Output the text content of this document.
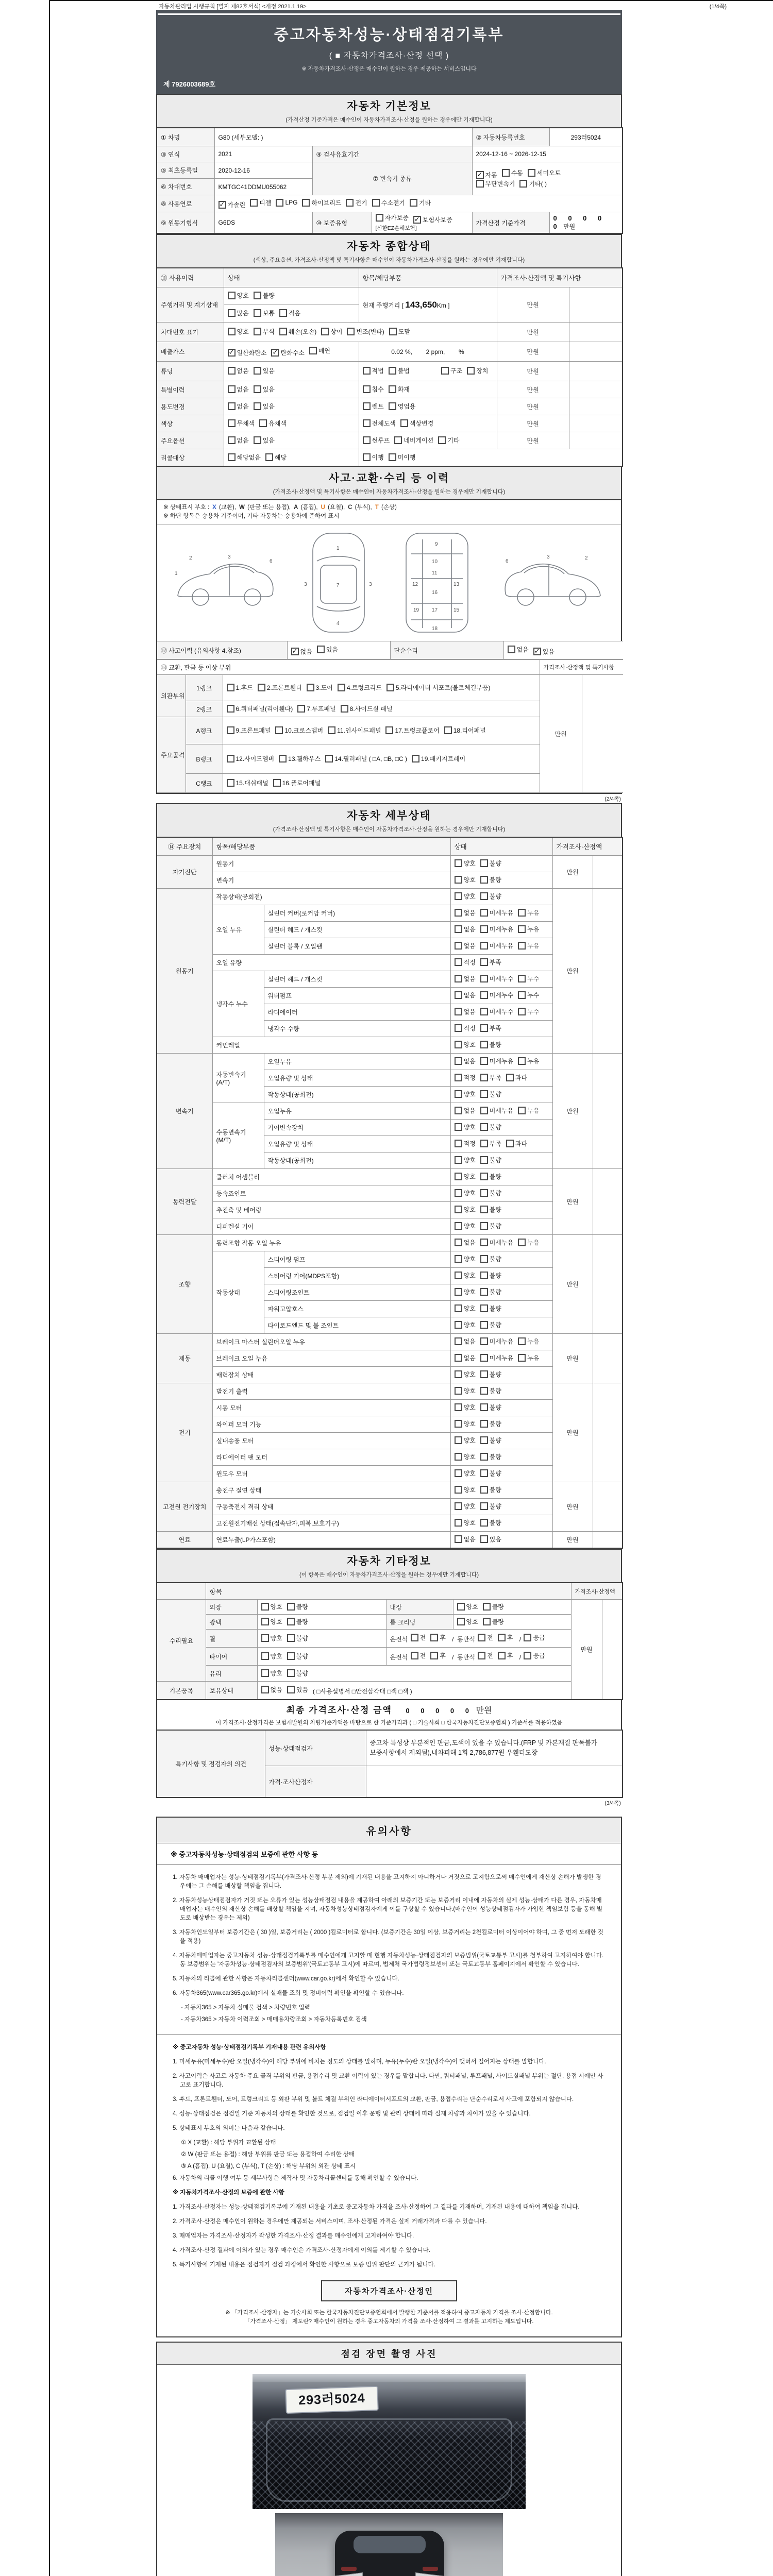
자동차관리법 시행규칙 [별지 제82호서식] <개정 2021.1.19>	(1/4쪽)
중고자동차성능·상태점검기록부
( ■ 자동차가격조사·산정 선택 )
※ 자동차가격조사·산정은 매수인이 원하는 경우 제공하는 서비스입니다
제 7926003689호
자동차 기본정보
(가격산정 기준가격은 매수인이 자동차가격조사·산정을 원하는 경우에만 기재합니다)
① 차명	G80 (세부모델: )			② 자동차등록번호	293러5024
③ 연식	2021	④ 검사유효기간		2024-12-16 ~ 2026-12-15	
⑤ 최초등록일	2020-12-16	⑦ 변속기 종류	
✓ 자동 수동 세미오토
무단변속기 기타( )

⑥ 차대번호	KMTGC41DDMU055062				
⑧ 사용연료	✓ 가솔린 디젤 LPG 하이브리드 전기 수소전기 기타

⑨ 원동기형식	G6DS	⑩ 보증유형	자가보증 ✓ 보험사보증
[신한EZ손해보험]	가격산정 기준가격	0 0 0 0 0 만원
자동차 종합상태
(색상, 주요옵션, 가격조사·산정액 및 특기사항은 매수인이 자동차가격조사·산정을 원하는 경우에만 기재합니다)
⑪ 사용이력	상태	항목/해당부품	가격조사·산정액 및 특기사항	
주행거리 및 계기상태	양호 불량	현재 주행거리 [ 143,650Km ]	만원	

	많음 보통 적음			

차대번호 표기	양호 부식 훼손(오손) 상이 변조(변타) 도말	만원	
배출가스	✓ 일산화탄소 ✓ 탄화수소 매연	0.02 %,        2 ppm,        %	만원	
튜닝	없음 있음	적법 불법 구조 장치	만원	
특별이력	없음 있음	침수 화재	만원	
용도변경	없음 있음	렌트 영업용	만원	
색상	무채색 유채색	전체도색 색상변경	만원	
주요옵션	없음 있음	썬루프 네비게이션 기타	만원	
리콜대상	해당없음 해당	이행 미이행		
사고·교환·수리 등 이력
(가격조사·산정액 및 특기사항은 매수인이 자동차가격조사·산정을 원하는 경우에만 기재합니다)
※ 상태표시 부호 : X (교환), W (판금 또는 용접), A (흠집), U (요철), C (부식), T (손상)
※ 하단 항목은 승용차 기준이며, 기타 자동차는 승용차에 준하여 표시
2	3
6
1
1
7
4
3	3
9
10
12	13
11
16
17
18
19	15
2
3
6
⑫ 사고이력 (유의사항 4.참조)	✓ 없음 있음	단순수리	없음 ✓ 있음
⑬ 교환, 판금 등 이상 부위			가격조사·산정액 및 특기사항	
외판부위	1랭크	1.후드 2.프론트휀더 3.도어 4.트렁크리드 5.라디에이터 서포트(볼트체결부품)	만원	
	2랭크	6.쿼터패널(리어휀다) 7.루프패널 8.사이드실 패널		

주요골격	A랭크	9.프론트패널 10.크로스멤버 11.인사이드패널 17.트렁크플로어 18.리어패널		

	B랭크	12.사이드멤버 13.휠하우스 14.필러패널 ( □A, □B, □C ) 19.패키지트레이		

	C랭크	15.대쉬패널 16.플로어패널		
(2/4쪽)
자동차 세부상태
(가격조사·산정액 및 특기사항은 매수인이 자동차가격조사·산정을 원하는 경우에만 기재합니다)
⑭ 주요장치	항목/해당부품		상태	가격조사·산정액	
자기진단	원동기		양호 불량	만원	
	변속기		양호 불량		

원동기	작동상태(공회전)		양호 불량	만원	
	오일 누유	실린더 커버(로커암 커버)	없음 미세누유 누유		

		실린더 헤드 / 개스킷	없음 미세누유 누유		

		실린더 블록 / 오일팬	없음 미세누유 누유		

	오일 유량		적정 부족		

	냉각수 누수	실린더 헤드 / 개스킷	없음 미세누수 누수		

		워터펌프	없음 미세누수 누수		

		라디에이터	없음 미세누수 누수		

		냉각수 수량	적정 부족		

	커먼레일		양호 불량		

변속기	자동변속기 (A/T)	오일누유	없음 미세누유 누유	만원	
		오일유량 및 상태	적정 부족 과다		

		작동상태(공회전)	양호 불량		

	수동변속기 (M/T)	오일누유	없음 미세누유 누유		

		기어변속장치	양호 불량		

		오일유량 및 상태	적정 부족 과다		

		작동상태(공회전)	양호 불량		

동력전달	클러치 어셈블리		양호 불량	만원	
	등속죠인트		양호 불량		

	추진축 및 베어링		양호 불량		

	디퍼렌셜 기어		양호 불량		

조향	동력조향 작동 오일 누유		없음 미세누유 누유	만원	
	작동상태	스티어링 펌프	양호 불량		

		스티어링 기어(MDPS포함)	양호 불량		

		스티어링조인트	양호 불량		

		파워고압호스	양호 불량		

		타이로드엔드 및 볼 조인트	양호 불량		

제동	브레이크 마스터 실린더오일 누유		없음 미세누유 누유	만원	
	브레이크 오일 누유		없음 미세누유 누유		

	배력장치 상태		양호 불량		

전기	발전기 출력		양호 불량	만원	
	시동 모터		양호 불량		

	와이퍼 모터 기능		양호 불량		

	실내송풍 모터		양호 불량		

	라디에이터 팬 모터		양호 불량		

	윈도우 모터		양호 불량		

고전원 전기장치	충전구 절연 상태		양호 불량	만원	
	구동축전지 격리 상태		양호 불량		

	고전원전기배선 상태(접속단자,피복,보호기구)		양호 불량		

연료	연료누출(LP가스포함)		없음 있음	만원	
자동차 기타정보
(이 항목은 매수인이 자동차가격조사·산정을 원하는 경우에만 기재합니다)
	항목				가격조사·산정액	
수리필요	외장	양호 불량	내장	양호 불량	만원	
	광택	양호 불량	룸 크리닝	양호 불량		

휠	양호 불량	운전석 전 후 /  동반석 전 후 / 응급

타이어	양호 불량	운전석 전 후 /  동반석 전 후 / 응급

	유리	양호 불량				

기본품목	보유상태	없음 있음 ( □사용설명서 □안전삼각대 □잭 □잭 )				
최종 가격조사·산정 금액 0 0 0 0 0 만원
이 가격조사·산정가격은 보험개발원의 차량기준가액을 바탕으로 한 기준가격과 ( □ 기술사회 □ 한국자동차진단보증협회 ) 기준서를 적용하였음
특기사항 및 점검자의 의견	성능·상태점검자	중고차 특성상 부분적인 판금,도색이 있을 수 있습니다.(FRP 및 카본재질 판독불가 보증사항에서 제외됨),내차피해 1회 2,786,877원 우휀더도장
	가격·조사산정자	
(3/4쪽)
유의사항
※ 중고자동차성능·상태점검의 보증에 관한 사항 등
1. 자동차 매매업자는 성능·상태점검기록부(가격조사·산정 부분 제외)에 기재된 내용을 고지하지 아니하거나 거짓으로 고지함으로써 매수인에게 재산상 손해가 발생한 경우에는 그 손해를 배상할 책임을 집니다.
2. 자동차성능상태점검자가 거짓 또는 오류가 있는 성능상태점검 내용을 제공하여 아래의 보증기간 또는 보증거리 이내에 자동차의 실제 성능·상태가 다른 경우, 자동차매매업자는 매수인의 재산상 손해를 배상할 책임을 지며, 자동차성능상태점검자에게 이를 구상할 수 있습니다.(매수인이 성능상태점검자가 가입한 책임보험 등을 통해 별도로 배상받는 경우는 제외)
3. 자동차인도일부터 보증기간은 ( 30 )일, 보증거리는 ( 2000 )킬로미터로 합니다. (보증기간은 30일 이상, 보증거리는 2천킬로미터 이상이어야 하며, 그 중 먼저 도래한 것을 적용)
4. 자동차매매업자는 중고자동차 성능·상태점검기록부를 매수인에게 고지할 때 현행 자동차성능·상태점검자의 보증범위(국토교통부 고시)를 첨부하여 고지하여야 합니다. 동 보증범위는 '자동차성능·상태점검자의 보증범위'(국토교통부 고시)에 따르며, 법제처 국가법령정보센터 또는 국토교통부 홈페이지에서 확인할 수 있습니다.
5. 자동차의 리콜에 관한 사항은 자동차리콜센터(www.car.go.kr)에서 확인할 수 있습니다.
6. 자동차365(www.car365.go.kr)에서 실매물 조회 및 정비이력 확인을 확인할 수 있습니다.
- 자동차365 > 자동차 실매물 검색 > 차량번호 입력
- 자동차365 > 자동차 이력조회 > 매매용차량조회 > 자동차등록번호 검색
※ 중고자동차 성능·상태점검기록부 기재내용 관련 유의사항
1. 미세누유(미세누수)란 오일(냉각수)이 해당 부위에 비치는 정도의 상태를 말하며, 누유(누수)란 오일(냉각수)이 맺혀서 떨어지는 상태를 말합니다.
2. 사고이력은 사고로 자동차 주요 골격 부위의 판금, 용접수리 및 교환 이력이 있는 경우를 말합니다. 다만, 쿼터패널, 루프패널, 사이드실패널 부위는 절단, 용접 시에만 사고로 표기합니다.
3. 후드, 프론트휀더, 도어, 트렁크리드 등 외판 부위 및 볼트 체결 부위인 라디에이터서포트의 교환, 판금, 용접수리는 단순수리로서 사고에 포함되지 않습니다.
4. 성능·상태점검은 점검일 기준 자동차의 상태를 확인한 것으로, 점검일 이후 운행 및 관리 상태에 따라 실제 차량과 차이가 있을 수 있습니다.
5. 상태표시 부호의 의미는 다음과 같습니다.
① X (교환) : 해당 부위가 교환된 상태
② W (판금 또는 용접) : 해당 부위를 판금 또는 용접하여 수리한 상태
③ A (흠집), U (요철), C (부식), T (손상) : 해당 부위의 외관 상태 표시
6. 자동차의 리콜 이행 여부 등 세부사항은 제작사 및 자동차리콜센터를 통해 확인할 수 있습니다.
※ 자동차가격조사·산정의 보증에 관한 사항
1. 가격조사·산정자는 성능·상태점검기록부에 기재된 내용을 기초로 중고자동차 가격을 조사·산정하여 그 결과를 기재하며, 기재된 내용에 대하여 책임을 집니다.
2. 가격조사·산정은 매수인이 원하는 경우에만 제공되는 서비스이며, 조사·산정된 가격은 실제 거래가격과 다를 수 있습니다.
3. 매매업자는 가격조사·산정자가 작성한 가격조사·산정 결과를 매수인에게 고지하여야 합니다.
4. 가격조사·산정 결과에 이의가 있는 경우 매수인은 가격조사·산정자에게 이의를 제기할 수 있습니다.
5. 특기사항에 기재된 내용은 점검자가 점검 과정에서 확인한 사항으로 보증 범위 판단의 근거가 됩니다.
자동차가격조사·산정인
※ 「가격조사·산정자」는 기술사회 또는 한국자동차진단보증협회에서 발행한 기준서를 적용하여 중고자동차 가격을 조사·산정합니다.
「가격조사·산정」 제도란? 매수인이 원하는 경우 중고자동차의 가격을 조사·산정하여 그 결과를 고지하는 제도입니다.
점검 장면 촬영 사진
293러5024
